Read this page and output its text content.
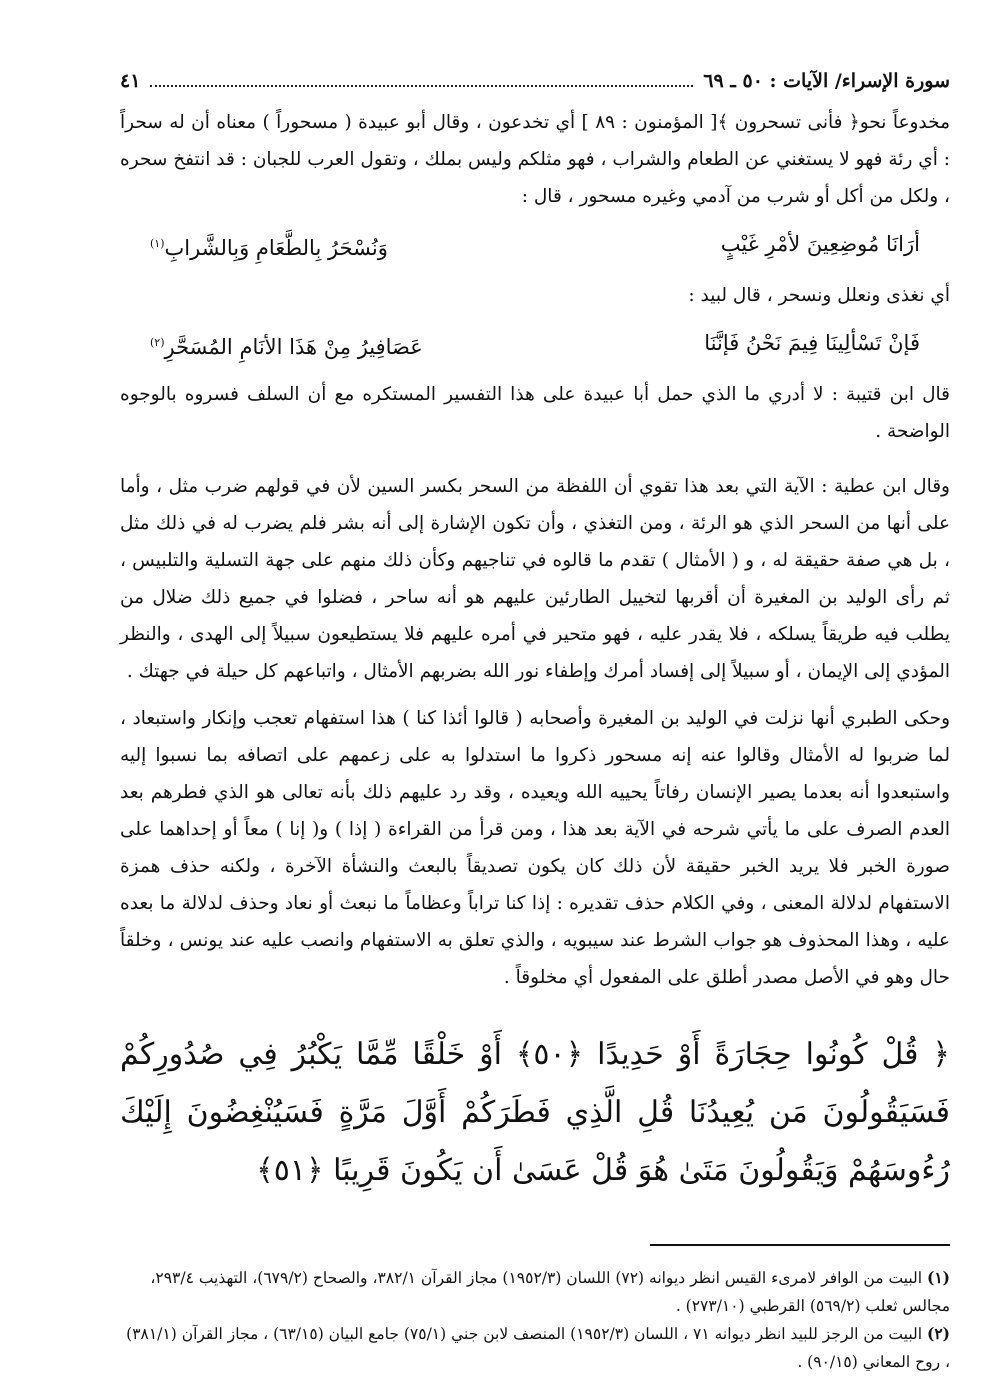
سورة الإسراء/ الآيات : ٥٠ ـ ٦٩
٤١

مخدوعاً نحو﴿ فأنى تسحرون ﴾[ المؤمنون : ٨٩ ] أي تخدعون ، وقال أبو عبيدة ( مسحوراً ) معناه أن له سحراً : أي رئة فهو لا يستغني عن الطعام والشراب ، فهو مثلكم وليس بملك ، وتقول العرب للجبان : قد انتفخ سحره ، ولكل من أكل أو شرب من آدمي وغيره مسحور ، قال :

أرَانَا مُوضِعِينَ لأمْرِ غَيْبٍ
وَنُسْحَرُ بِالطَّعَامِ وَبِالشَّرابِ$^{(١)}$

أي نغذى ونعلل ونسحر ، قال لبيد :

فَإنْ تَسْألِينَا فِيمَ نَحْنُ فَإنَّنَا
عَصَافِيرُ مِنْ هَذَا الأنَامِ المُسَحَّرِ$^{(٢)}$

قال ابن قتيبة : لا أدري ما الذي حمل أبا عبيدة على هذا التفسير المستكره مع أن السلف فسروه بالوجوه الواضحة .

وقال ابن عطية : الآية التي بعد هذا تقوي أن اللفظة من السحر بكسر السين لأن في قولهم ضرب مثل ، وأما على أنها من السحر الذي هو الرئة ، ومن التغذي ، وأن تكون الإشارة إلى أنه بشر فلم يضرب له في ذلك مثل ، بل هي صفة حقيقة له ، و ( الأمثال ) تقدم ما قالوه في تناجيهم وكأن ذلك منهم على جهة التسلية والتلبيس ، ثم رأى الوليد بن المغيرة أن أقربها لتخييل الطارئين عليهم هو أنه ساحر ، فضلوا في جميع ذلك ضلال من يطلب فيه طريقاً يسلكه ، فلا يقدر عليه ، فهو متحير في أمره عليهم فلا يستطيعون سبيلاً إلى الهدى ، والنظر المؤدي إلى الإيمان ، أو سبيلاً إلى إفساد أمرك وإطفاء نور الله بضربهم الأمثال ، واتباعهم كل حيلة في جهتك .

وحكى الطبري أنها نزلت في الوليد بن المغيرة وأصحابه ( قالوا أئذا كنا ) هذا استفهام تعجب وإنكار واستبعاد ، لما ضربوا له الأمثال وقالوا عنه إنه مسحور ذكروا ما استدلوا به على زعمهم على اتصافه بما نسبوا إليه واستبعدوا أنه بعدما يصير الإنسان رفاتاً يحييه الله ويعيده ، وقد رد عليهم ذلك بأنه تعالى هو الذي فطرهم بعد العدم الصرف على ما يأتي شرحه في الآية بعد هذا ، ومن قرأ من القراءة ( إذا ) و( إنا ) معاً أو إحداهما على صورة الخبر فلا يريد الخبر حقيقة لأن ذلك كان يكون تصديقاً بالبعث والنشأة الآخرة ، ولكنه حذف همزة الاستفهام لدلالة المعنى ، وفي الكلام حذف تقديره : إذا كنا تراباً وعظاماً ما نبعث أو نعاد وحذف لدلالة ما بعده عليه ، وهذا المحذوف هو جواب الشرط عند سيبويه ، والذي تعلق به الاستفهام وانصب عليه عند يونس ، وخلقاً حال وهو في الأصل مصدر أطلق على المفعول أي مخلوقاً .

﴿ قُلْ كُونُوا حِجَارَةً أَوْ حَدِيدًا ﴿٥٠﴾ أَوْ خَلْقًا مِّمَّا يَكْبُرُ فِي صُدُورِكُمْ فَسَيَقُولُونَ مَن يُعِيدُنَا قُلِ الَّذِي فَطَرَكُمْ أَوَّلَ مَرَّةٍ فَسَيُنْغِضُونَ إِلَيْكَ رُءُوسَهُمْ وَيَقُولُونَ مَتَىٰ هُوَ قُلْ عَسَىٰ أَن يَكُونَ قَرِيبًا ﴿٥١﴾
(١) البيت من الوافر لامرىء القيس انظر ديوانه (٧٢) اللسان (١٩٥٢/٣) مجاز القرآن ٣٨٢/١، والصحاح (٦٧٩/٢)، التهذيب ٢٩٣/٤، مجالس ثعلب (٥٦٩/٢) القرطبي (٢٧٣/١٠) .
(٢) البيت من الرجز للبيد انظر ديوانه ٧١ ، اللسان (١٩٥٢/٣) المنصف لابن جني (٧٥/١) جامع البيان (٦٣/١٥) ، مجاز القرآن (٣٨١/١) ، روح المعاني (٩٠/١٥) .
